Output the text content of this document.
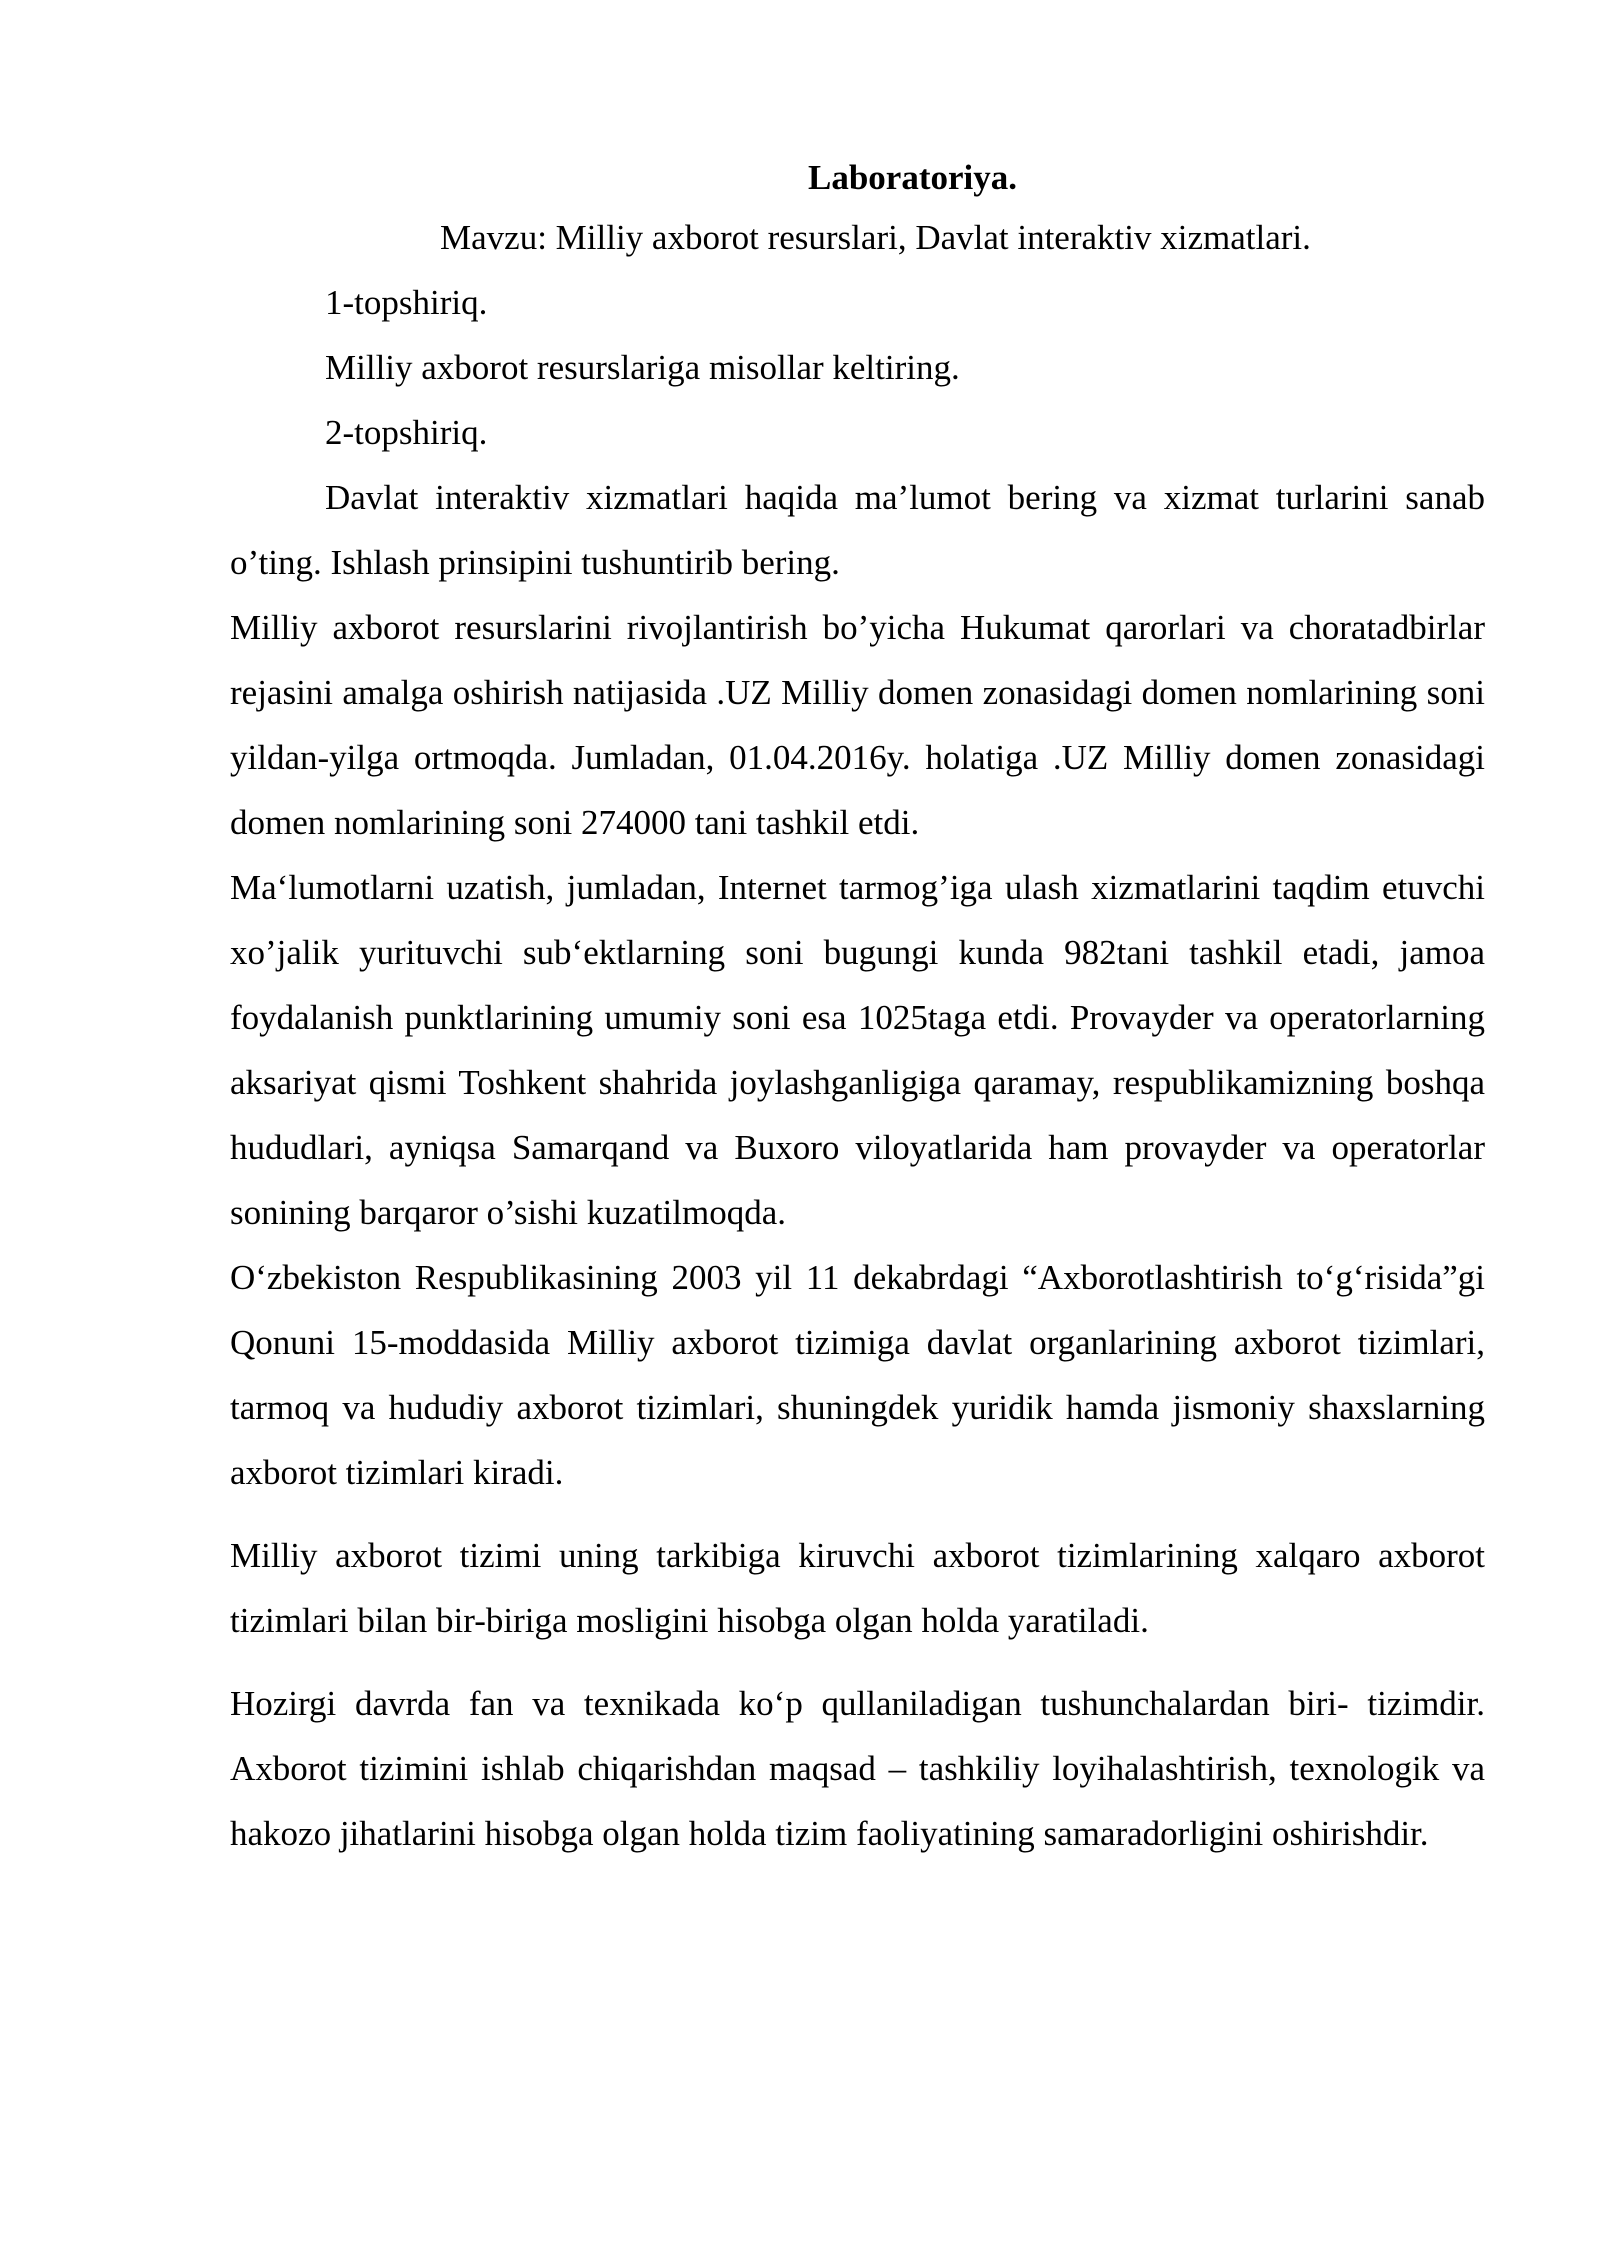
Laboratoriya.

Mavzu: Milliy axborot resurslari, Davlat interaktiv xizmatlari.

1-topshiriq.

Milliy axborot resurslariga misollar keltiring.

2-topshiriq.

Davlat interaktiv xizmatlari haqida ma’lumot bering va xizmat turlarini sanab o’ting. Ishlash prinsipini tushuntirib bering.

Milliy axborot resurslarini rivojlantirish bo’yicha Hukumat qarorlari va choratadbirlar rejasini amalga oshirish natijasida .UZ Milliy domen zonasidagi domen nomlarining soni yildan-yilga ortmoqda. Jumladan, 01.04.2016y. holatiga .UZ Milliy domen zonasidagi domen nomlarining soni 274000 tani tashkil etdi.

Ma‘lumotlarni uzatish, jumladan, Internet tarmog’iga ulash xizmatlarini taqdim etuvchi xo’jalik yurituvchi sub‘ektlarning soni bugungi kunda 982tani tashkil etadi, jamoa foydalanish punktlarining umumiy soni esa 1025taga etdi. Provayder va operatorlarning aksariyat qismi Toshkent shahrida joylashganligiga qaramay, respublikamizning boshqa hududlari, ayniqsa Samarqand va Buxoro viloyatlarida ham provayder va operatorlar sonining barqaror o’sishi kuzatilmoqda.

O‘zbekiston Respublikasining 2003 yil 11 dekabrdagi “Axborotlashtirish to‘g‘risida”gi Qonuni 15-moddasida Milliy axborot tizimiga davlat organlarining axborot tizimlari, tarmoq va hududiy axborot tizimlari, shuningdek yuridik hamda jismoniy shaxslarning axborot tizimlari kiradi.

Milliy axborot tizimi uning tarkibiga kiruvchi axborot tizimlarining xalqaro axborot tizimlari bilan bir-biriga mosligini hisobga olgan holda yaratiladi.

Hozirgi davrda fan va texnikada ko‘p qullaniladigan tushunchalardan biri- tizimdir. Axborot tizimini ishlab chiqarishdan maqsad – tashkiliy loyihalashtirish, texnologik va hakozo jihatlarini hisobga olgan holda tizim faoliyatining samaradorligini oshirishdir.
